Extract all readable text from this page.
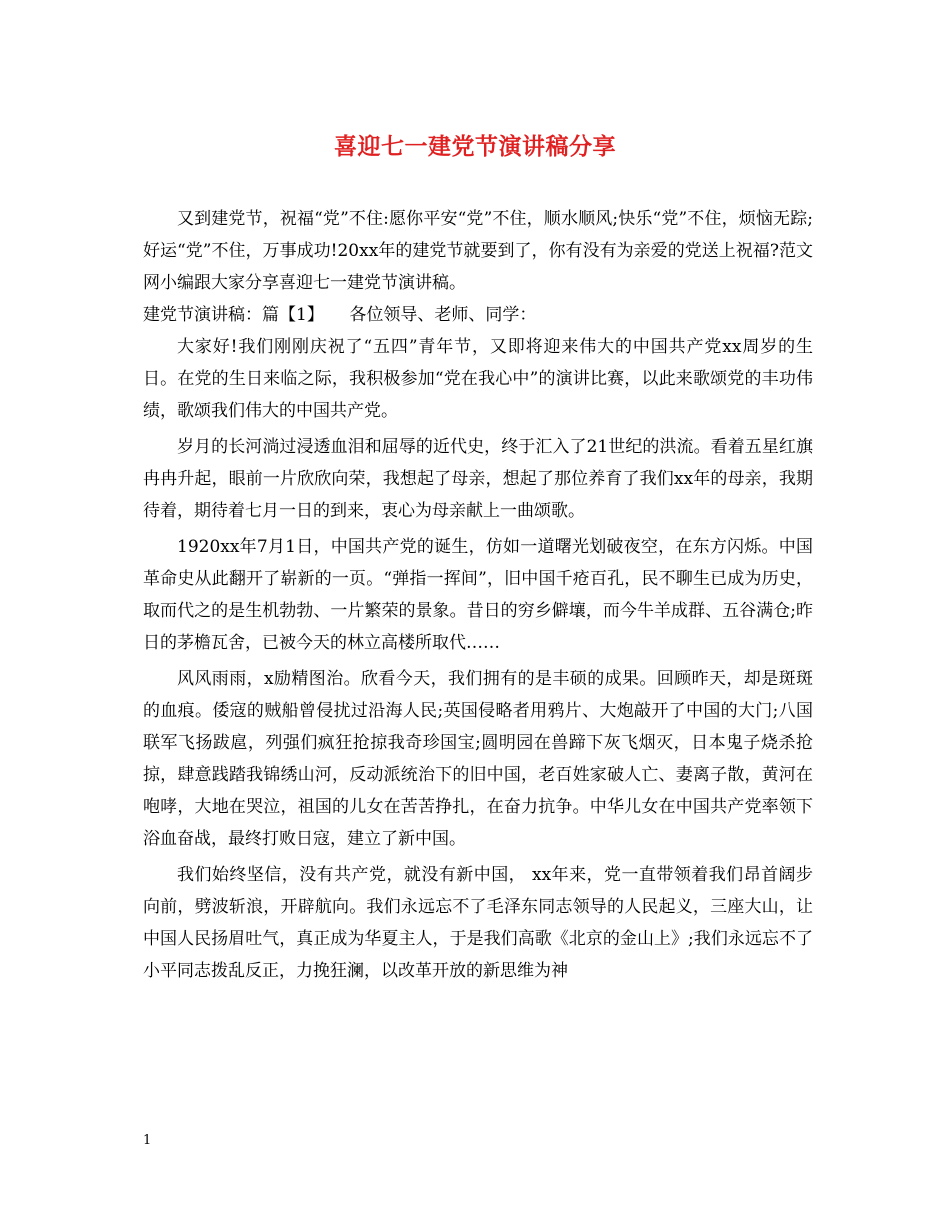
喜迎七一建党节演讲稿分享

又到建党节，祝福“党”不住:愿你平安“党”不住，顺水顺风;快乐“党”不住，烦恼无踪;好运“党”不住，万事成功!20xx年的建党节就要到了，你有没有为亲爱的党送上祝福?范文网小编跟大家分享喜迎七一建党节演讲稿。

建党节演讲稿：篇【1】　　各位领导、老师、同学：

大家好!我们刚刚庆祝了“五四”青年节，又即将迎来伟大的中国共产党xx周岁的生日。在党的生日来临之际，我积极参加“党在我心中”的演讲比赛，以此来歌颂党的丰功伟绩，歌颂我们伟大的中国共产党。

岁月的长河淌过浸透血泪和屈辱的近代史，终于汇入了21世纪的洪流。看着五星红旗冉冉升起，眼前一片欣欣向荣，我想起了母亲，想起了那位养育了我们xx年的母亲，我期待着，期待着七月一日的到来，衷心为母亲献上一曲颂歌。

1920xx年7月1日，中国共产党的诞生，仿如一道曙光划破夜空，在东方闪烁。中国革命史从此翻开了崭新的一页。“弹指一挥间”，旧中国千疮百孔，民不聊生已成为历史，取而代之的是生机勃勃、一片繁荣的景象。昔日的穷乡僻壤，而今牛羊成群、五谷满仓;昨日的茅檐瓦舍，已被今天的林立高楼所取代……

风风雨雨，x励精图治。欣看今天，我们拥有的是丰硕的成果。回顾昨天，却是斑斑的血痕。倭寇的贼船曾侵扰过沿海人民;英国侵略者用鸦片、大炮敲开了中国的大门;八国联军飞扬跋扈，列强们疯狂抢掠我奇珍国宝;圆明园在兽蹄下灰飞烟灭，日本鬼子烧杀抢掠，肆意践踏我锦绣山河，反动派统治下的旧中国，老百姓家破人亡、妻离子散，黄河在咆哮，大地在哭泣，祖国的儿女在苦苦挣扎，在奋力抗争。中华儿女在中国共产党率领下浴血奋战，最终打败日寇，建立了新中国。

我们始终坚信，没有共产党，就没有新中国， xx年来，党一直带领着我们昂首阔步向前，劈波斩浪，开辟航向。我们永远忘不了毛泽东同志领导的人民起义，三座大山，让中国人民扬眉吐气，真正成为华夏主人，于是我们高歌《北京的金山上》;我们永远忘不了小平同志拨乱反正，力挽狂澜，以改革开放的新思维为神

1
